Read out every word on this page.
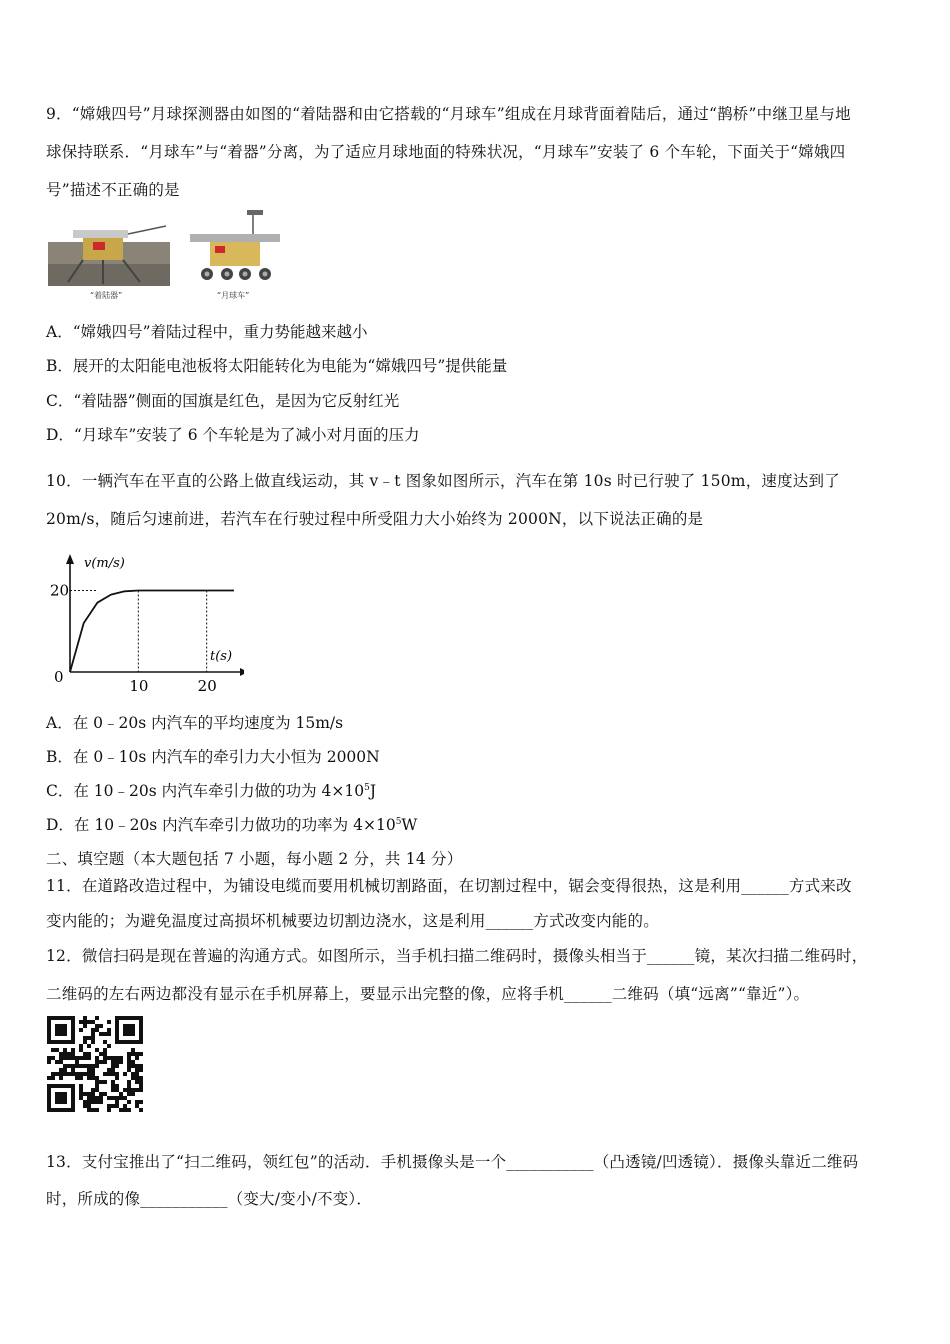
9．“嫦娥四号”月球探测器由如图的“着陆器和由它搭载的“月球车”组成在月球背面着陆后，通过“鹊桥”中继卫星与地
球保持联系．“月球车”与“着器”分离，为了适应月球地面的特殊状况，“月球车”安装了 6 个车轮，下面关于“嫦娥四
号”描述不正确的是
“着陆器”	“月球车”
A．“嫦娥四号”着陆过程中，重力势能越来越小
B．展开的太阳能电池板将太阳能转化为电能为“嫦娥四号”提供能量
C．“着陆器”侧面的国旗是红色，是因为它反射红光
D．“月球车”安装了 6 个车轮是为了减小对月面的压力
10．一辆汽车在平直的公路上做直线运动，其 v﹣t 图象如图所示，汽车在第 10s 时已行驶了 150m，速度达到了
20m/s，随后匀速前进，若汽车在行驶过程中所受阻力大小始终为 2000N，以下说法正确的是
v(m/s)
t(s)
20
0	10	20
A．在 0﹣20s 内汽车的平均速度为 15m/s
B．在 0﹣10s 内汽车的牵引力大小恒为 2000N
C．在 10﹣20s 内汽车牵引力做的功为 $4\times 10^5J$
D．在 10﹣20s 内汽车牵引力做功的功率为 $4\times 10^5W$
二、填空题（本大题包括 7 小题，每小题 2 分，共 14 分）
11．在道路改造过程中，为铺设电缆而要用机械切割路面，在切割过程中，锯会变得很热，这是利用______方式来改
变内能的；为避免温度过高损坏机械要边切割边浇水，这是利用______方式改变内能的。
12．微信扫码是现在普遍的沟通方式。如图所示，当手机扫描二维码时，摄像头相当于______镜，某次扫描二维码时，
二维码的左右两边都没有显示在手机屏幕上，要显示出完整的像，应将手机______二维码（填“远离”“靠近”）。
13．支付宝推出了“扫二维码，领红包”的活动．手机摄像头是一个___________（凸透镜/凹透镜）．摄像头靠近二维码
时，所成的像___________（变大/变小/不变）．
